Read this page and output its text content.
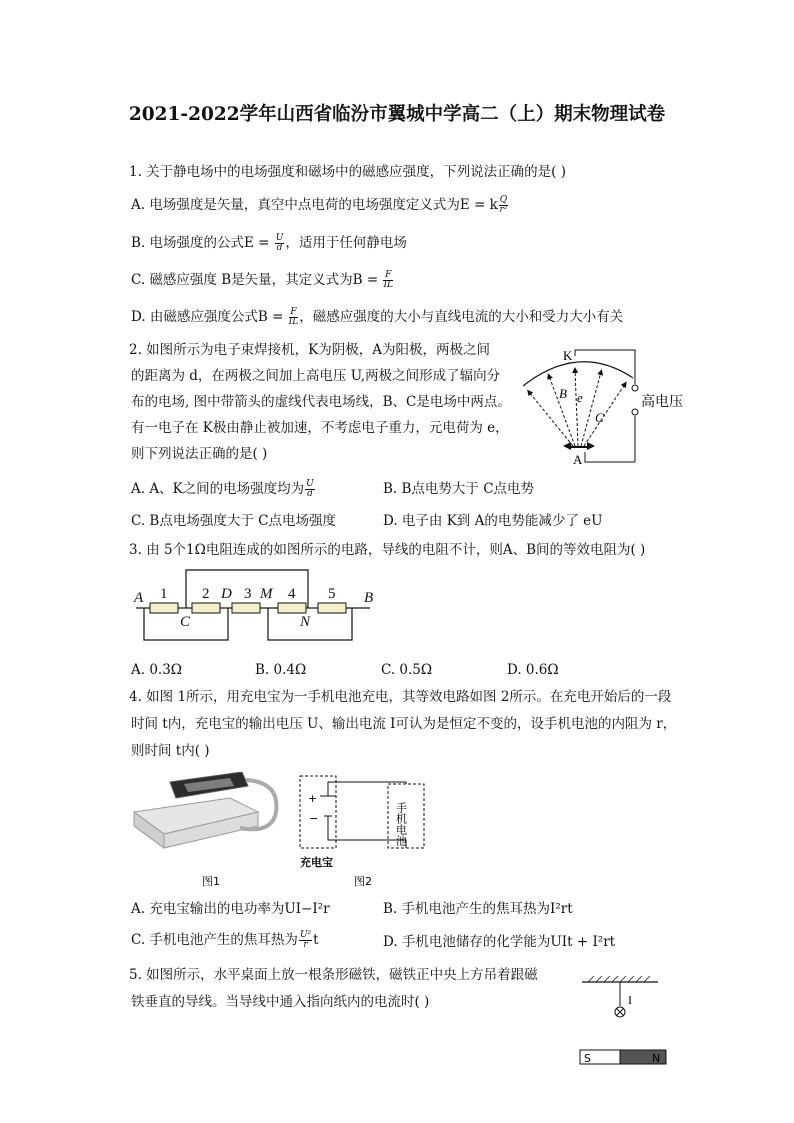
2021-2022学年山西省临汾市翼城中学高二（上）期末物理试卷
1. 关于静电场中的电场强度和磁场中的磁感应强度，下列说法正确的是( )
A. 电场强度是矢量，真空中点电荷的电场强度定义式为E = k $\frac{Q}{\text{r²}}$
B. 电场强度的公式$E = \frac{U}{d}$ ，适用于任何静电场
C. 磁感应强度 B是矢量，其定义式为$B = \frac{F}{IL}$
D. 由磁感应强度公式$B = \frac{F}{IL}$ ，磁感应强度的大小与直线电流的大小和受力大小有关
2. 如图所示为电子束焊接机，K为阴极，A为阳极，两极之间
的距离为 d，在两极之间加上高电压 U,两极之间形成了辐向分
布的电场, 图中带箭头的虚线代表电场线，B、C是电场中两点。
有一电子在 K极由静止被加速，不考虑电子重力，元电荷为 e，
则下列说法正确的是( )
A. A、K之间的电场强度均为 $\frac{U}{d}$	B. B点电势大于 C点电势
C. B点电场强度大于 C点电场强度	D. 电子由 K到 A的电势能减少了 eU
K
A
B e
C
高电压
3. 由 5个1Ω电阻连成的如图所示的电路，导线的电阻不计，则A、B间的等效电阻为( )
A 1 2 D 3 M 4 5 B
C	N
A. 0.3Ω	B. 0.4Ω	C. 0.5Ω	D. 0.6Ω
4. 如图 1所示，用充电宝为一手机电池充电，其等效电路如图 2所示。在充电开始后的一段
时间 t内，充电宝的输出电压 U、输出电流 I可认为是恒定不变的，设手机电池的内阻为 r，
则时间 t内( )
图1
+
−	手机电池
充电宝
图2
A. 充电宝输出的电功率为UI−I²r	B. 手机电池产生的焦耳热为I²rt
C. 手机电池产生的焦耳热为 $\frac{\text{U²}}{r}$ t	D. 手机电池储存的化学能为UIt + I²rt
5. 如图所示，水平桌面上放一根条形磁铁，磁铁正中央上方吊着跟磁
铁垂直的导线。当导线中通入指向纸内的电流时( )	I
S	N
